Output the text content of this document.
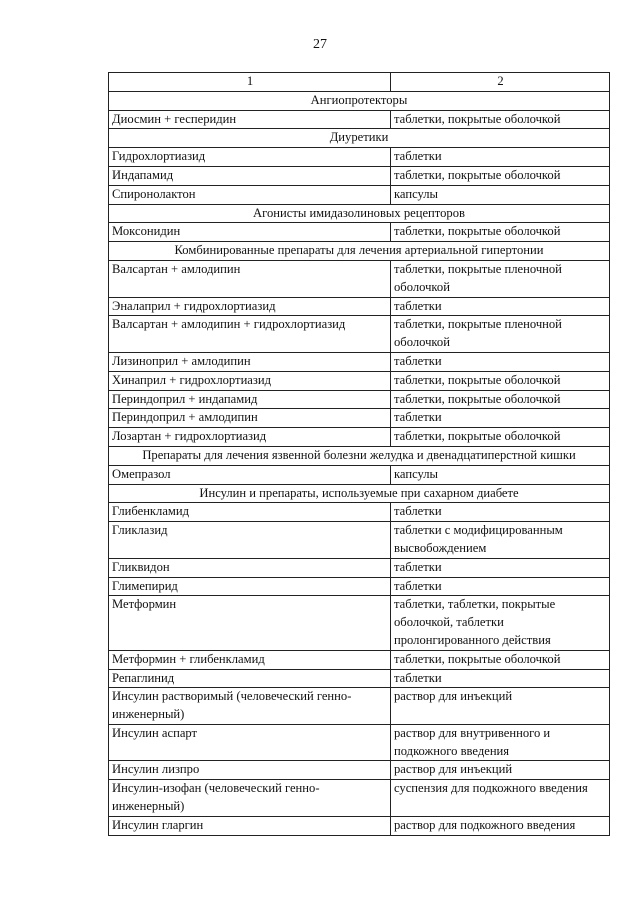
27
1	2
Ангиопротекторы	
Диосмин + гесперидин	таблетки, покрытые оболочкой
Диуретики	
Гидрохлортиазид	таблетки
Индапамид	таблетки, покрытые оболочкой
Спиронолактон	капсулы
Агонисты имидазолиновых рецепторов	
Моксонидин	таблетки, покрытые оболочкой
Комбинированные препараты для лечения артериальной гипертонии	
Валсартан + амлодипин	таблетки, покрытые пленочной оболочкой
Эналаприл + гидрохлортиазид	таблетки
Валсартан + амлодипин + гидрохлортиазид	таблетки, покрытые пленочной оболочкой
Лизиноприл + амлодипин	таблетки
Хинаприл + гидрохлортиазид	таблетки, покрытые оболочкой
Периндоприл + индапамид	таблетки, покрытые оболочкой
Периндоприл + амлодипин	таблетки
Лозартан + гидрохлортиазид	таблетки, покрытые оболочкой
Препараты для лечения язвенной болезни желудка и двенадцатиперстной кишки	
Омепразол	капсулы
Инсулин и препараты, используемые при сахарном диабете	
Глибенкламид	таблетки
Гликлазид	таблетки с модифицированным высвобождением
Гликвидон	таблетки
Глимепирид	таблетки
Метформин	таблетки, таблетки, покрытые оболочкой, таблетки пролонгированного действия
Метформин + глибенкламид	таблетки, покрытые оболочкой
Репаглинид	таблетки
Инсулин растворимый (человеческий генно-инженерный)	раствор для инъекций
Инсулин аспарт	раствор для внутривенного и подкожного введения
Инсулин лизпро	раствор для инъекций
Инсулин-изофан (человеческий генно-инженерный)	суспензия для подкожного введения
Инсулин гларгин	раствор для подкожного введения
